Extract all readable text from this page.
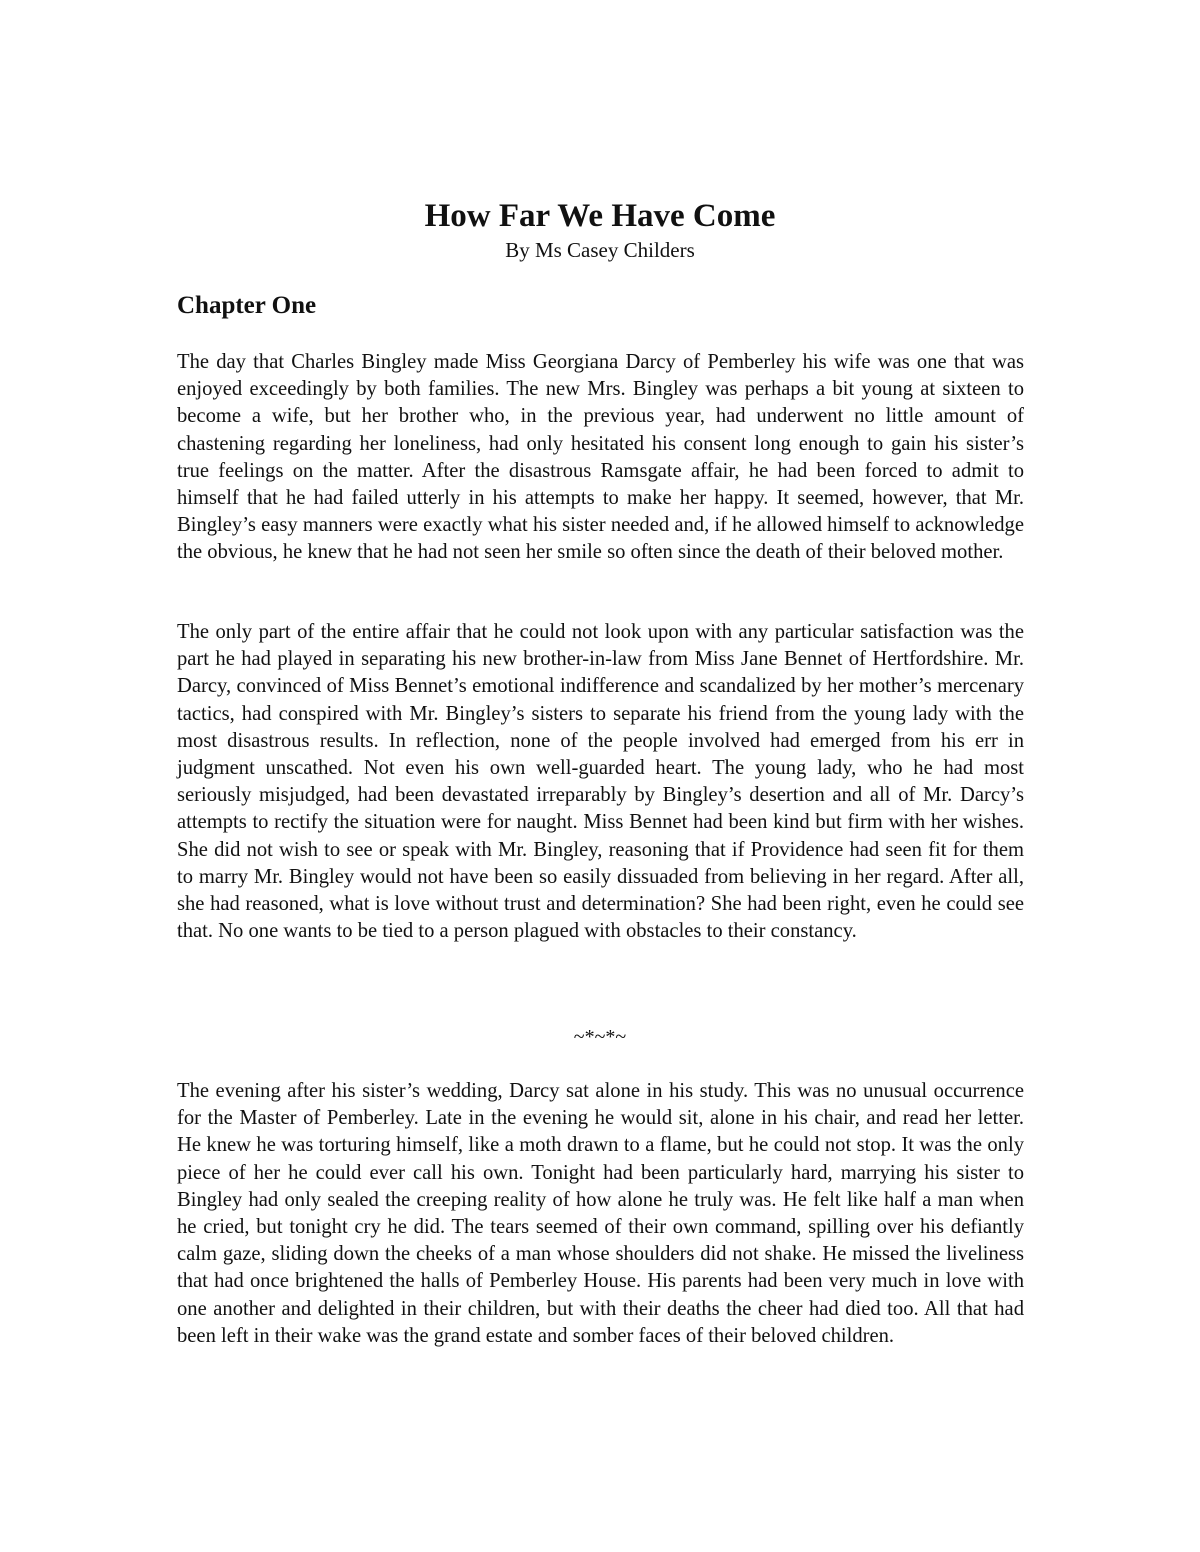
How Far We Have Come
By Ms Casey Childers
Chapter One

The day that Charles Bingley made Miss Georgiana Darcy of Pemberley his wife was one that was enjoyed exceedingly by both families. The new Mrs. Bingley was perhaps a bit young at sixteen to become a wife, but her brother who, in the previous year, had underwent no little amount of chastening regarding her loneliness, had only hesitated his consent long enough to gain his sister’s true feelings on the matter. After the disastrous Ramsgate affair, he had been forced to admit to himself that he had failed utterly in his attempts to make her happy. It seemed, however, that Mr. Bingley’s easy manners were exactly what his sister needed and, if he allowed himself to acknowledge the obvious, he knew that he had not seen her smile so often since the death of their beloved mother.

The only part of the entire affair that he could not look upon with any particular satisfaction was the part he had played in separating his new brother-in-law from Miss Jane Bennet of Hertfordshire. Mr. Darcy, convinced of Miss Bennet’s emotional indifference and scandalized by her mother’s mercenary tactics, had conspired with Mr. Bingley’s sisters to separate his friend from the young lady with the most disastrous results. In reflection, none of the people involved had emerged from his err in judgment unscathed. Not even his own well-guarded heart. The young lady, who he had most seriously misjudged, had been devastated irreparably by Bingley’s desertion and all of Mr. Darcy’s attempts to rectify the situation were for naught. Miss Bennet had been kind but firm with her wishes. She did not wish to see or speak with Mr. Bingley, reasoning that if Providence had seen fit for them to marry Mr. Bingley would not have been so easily dissuaded from believing in her regard. After all, she had reasoned, what is love without trust and determination? She had been right, even he could see that. No one wants to be tied to a person plagued with obstacles to their constancy.

~*~*~

The evening after his sister’s wedding, Darcy sat alone in his study. This was no unusual occurrence for the Master of Pemberley. Late in the evening he would sit, alone in his chair, and read her letter. He knew he was torturing himself, like a moth drawn to a flame, but he could not stop. It was the only piece of her he could ever call his own. Tonight had been particularly hard, marrying his sister to Bingley had only sealed the creeping reality of how alone he truly was. He felt like half a man when he cried, but tonight cry he did. The tears seemed of their own command, spilling over his defiantly calm gaze, sliding down the cheeks of a man whose shoulders did not shake. He missed the liveliness that had once brightened the halls of Pemberley House. His parents had been very much in love with one another and delighted in their children, but with their deaths the cheer had died too. All that had been left in their wake was the grand estate and somber faces of their beloved children.
